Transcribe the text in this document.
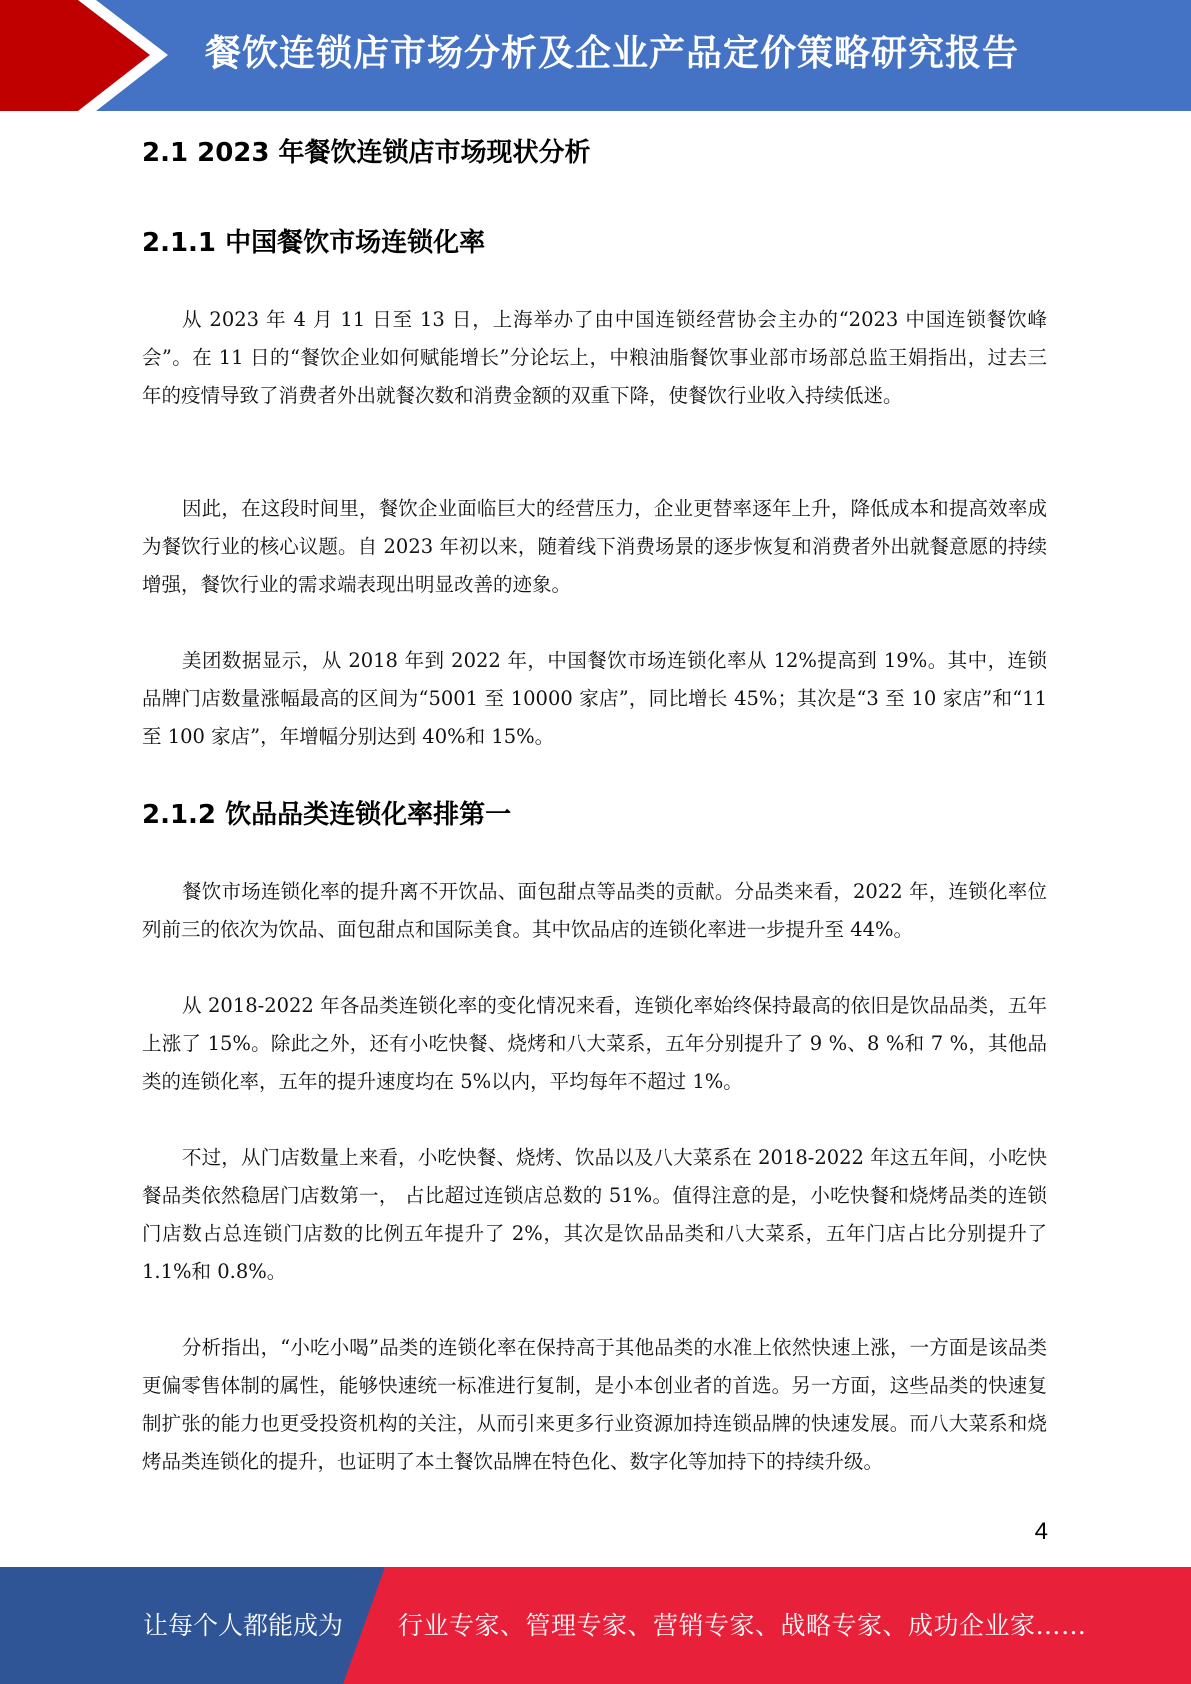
餐饮连锁店市场分析及企业产品定价策略研究报告
2.1 2023 年餐饮连锁店市场现状分析
2.1.1 中国餐饮市场连锁化率
从 2023 年 4 月 11 日至 13 日，上海举办了由中国连锁经营协会主办的“2023 中国连锁餐饮峰会”。在 11 日的“餐饮企业如何赋能增长”分论坛上，中粮油脂餐饮事业部市场部总监王娟指出，过去三年的疫情导致了消费者外出就餐次数和消费金额的双重下降，使餐饮行业收入持续低迷。
因此，在这段时间里，餐饮企业面临巨大的经营压力，企业更替率逐年上升，降低成本和提高效率成为餐饮行业的核心议题。自 2023 年初以来，随着线下消费场景的逐步恢复和消费者外出就餐意愿的持续增强，餐饮行业的需求端表现出明显改善的迹象。
美团数据显示，从 2018 年到 2022 年，中国餐饮市场连锁化率从 12%提高到 19%。其中，连锁品牌门店数量涨幅最高的区间为“5001 至 10000 家店”，同比增长 45%；其次是“3 至 10 家店”和“11 至 100 家店”，年增幅分别达到 40%和 15%。
2.1.2 饮品品类连锁化率排第一
餐饮市场连锁化率的提升离不开饮品、面包甜点等品类的贡献。分品类来看，2022 年，连锁化率位列前三的依次为饮品、面包甜点和国际美食。其中饮品店的连锁化率进一步提升至 44%。
从 2018-2022 年各品类连锁化率的变化情况来看，连锁化率始终保持最高的依旧是饮品品类，五年上涨了 15%。除此之外，还有小吃快餐、烧烤和八大菜系，五年分别提升了 9 %、8 %和 7 %，其他品类的连锁化率，五年的提升速度均在 5%以内，平均每年不超过 1%。
不过，从门店数量上来看，小吃快餐、烧烤、饮品以及八大菜系在 2018-2022 年这五年间，小吃快餐品类依然稳居门店数第一， 占比超过连锁店总数的 51%。值得注意的是，小吃快餐和烧烤品类的连锁门店数占总连锁门店数的比例五年提升了 2%，其次是饮品品类和八大菜系，五年门店占比分别提升了 1.1%和 0.8%。
分析指出，“小吃小喝”品类的连锁化率在保持高于其他品类的水准上依然快速上涨，一方面是该品类更偏零售体制的属性，能够快速统一标准进行复制，是小本创业者的首选。另一方面，这些品类的快速复制扩张的能力也更受投资机构的关注，从而引来更多行业资源加持连锁品牌的快速发展。而八大菜系和烧烤品类连锁化的提升，也证明了本土餐饮品牌在特色化、数字化等加持下的持续升级。
4
让每个人都能成为 行业专家、管理专家、营销专家、战略专家、成功企业家……
